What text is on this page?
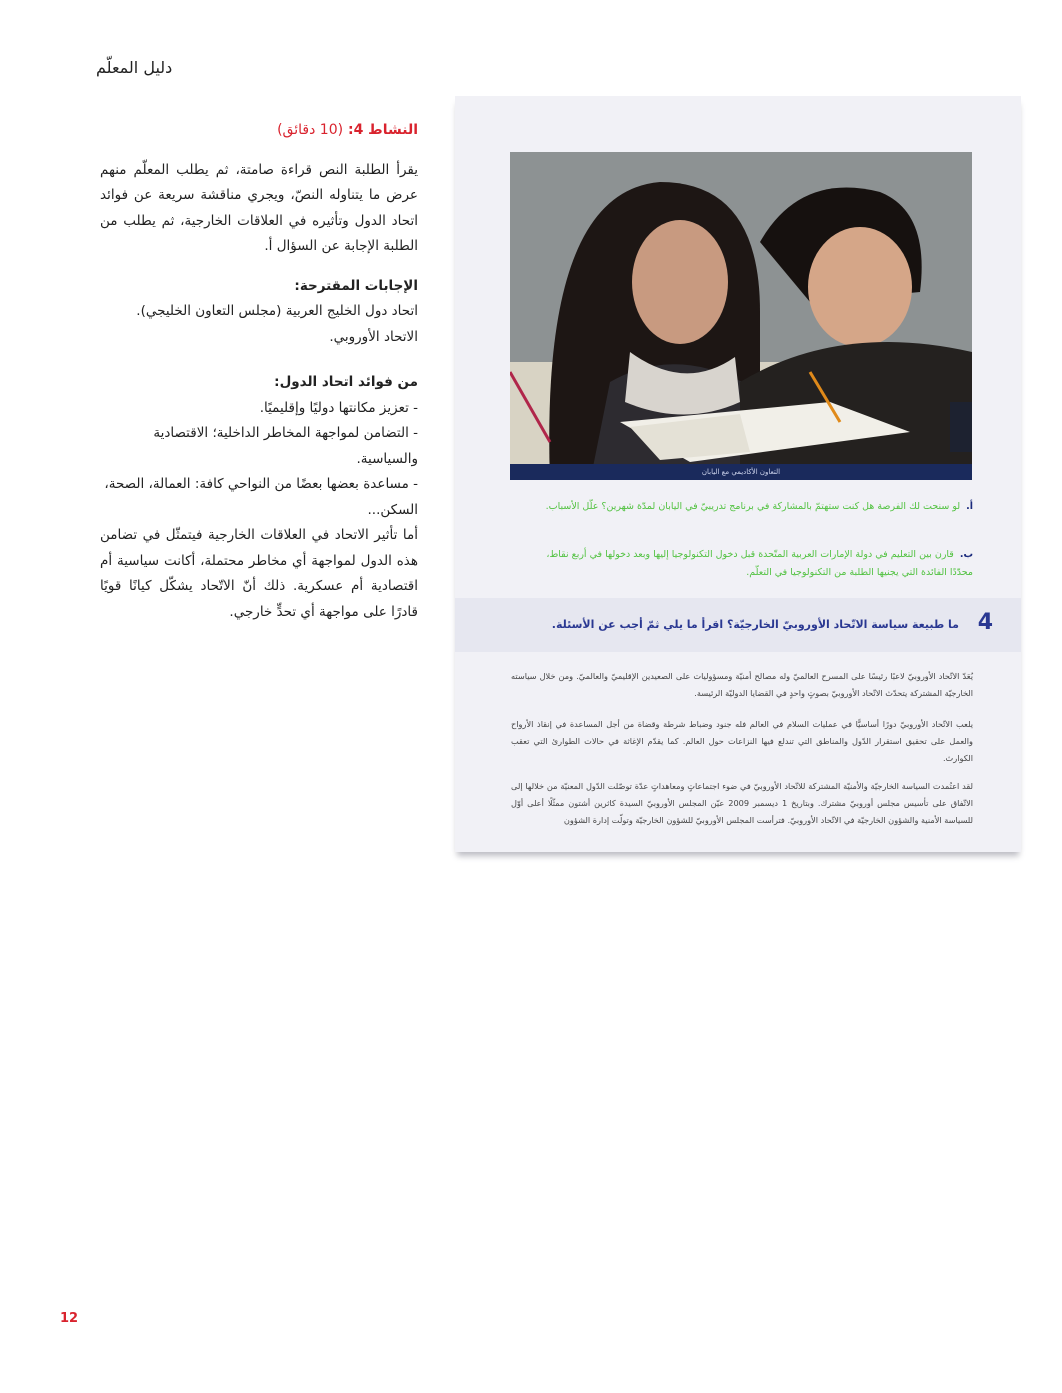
دليل المعلّم
النشاط 4: (10 دقائق)

يقرأ الطلبة النص قراءة صامتة، ثم يطلب المعلّم منهم عرض ما يتناوله النصّ، ويجري مناقشة سريعة عن فوائد اتحاد الدول وتأثيره في العلاقات الخارجية، ثم يطلب من الطلبة الإجابة عن السؤال أ.

الإجابات المقترحة:
اتحاد دول الخليج العربية (مجلس التعاون الخليجي).
الاتحاد الأوروبي.
من فوائد اتحاد الدول:
- تعزيز مكانتها دوليًا وإقليميًا.
- التضامن لمواجهة المخاطر الداخلية؛ الاقتصادية والسياسية.
- مساعدة بعضها بعضًا من النواحي كافة: العمالة، الصحة، السكن...

أما تأثير الاتحاد في العلاقات الخارجية فيتمثّل في تضامن هذه الدول لمواجهة أي مخاطر محتملة، أكانت سياسية أم اقتصادية أم عسكرية. ذلك أنّ الاتّحاد يشكّل كيانًا قويًا قادرًا على مواجهة أي تحدٍّ خارجي.

التعاون الأكاديمي مع اليابان
أ.لو سنحت لك الفرصة هل كنت ستهتمّ بالمشاركة في برنامج تدريبيّ في اليابان لمدّة شهرين؟ علّل الأسباب.
ب.قارن بين التعليم في دولة الإمارات العربية المتّحدة قبل دخول التكنولوجيا إليها وبعد دخولها في أربع نقاط، محدّدًا الفائدة التي يجنيها الطلبة من التكنولوجيا في التعلّم.
4
ما طبيعة سياسة الاتّحاد الأوروبيّ الخارجيّة؟ اقرأ ما يلي ثمّ أجب عن الأسئلة.

يُعَدّ الاتّحاد الأوروبيّ لاعبًا رئيسًا على المسرح العالميّ وله مصالح أمنيّة ومسؤوليات على الصعيدين الإقليميّ والعالميّ. ومن خلال سياسته الخارجيّة المشتركة يتحدّث الاتّحاد الأوروبيّ بصوتٍ واحدٍ في القضايا الدوليّة الرئيسة.

يلعب الاتّحاد الأوروبيّ دورًا أساسيًّا في عمليات السلام في العالم فله جنود وضباط شرطة وقضاة من أجل المساعدة في إنقاذ الأرواح والعمل على تحقيق استقرار الدّول والمناطق التي تندلع فيها النزاعات حول العالم. كما يقدّم الإغاثة في حالات الطوارئ التي تعقب الكوارث.

لقد اعتُمدت السياسة الخارجيّة والأمنيّة المشتركة للاتّحاد الأوروبيّ في ضوء اجتماعاتٍ ومعاهداتٍ عدّة توصّلت الدّول المعنيّة من خلالها إلى الاتّفاق على تأسيس مجلس أوروبيّ مشترك. وبتاريخ 1 ديسمبر 2009 عيّن المجلس الأوروبيّ السيدة كاثرين أشتون ممثّلًا أعلى أوّل للسياسة الأمنية والشؤون الخارجيّة في الاتّحاد الأوروبيّ. فترأست المجلس الأوروبيّ للشؤون الخارجيّة وتولّت إدارة الشؤون

12
